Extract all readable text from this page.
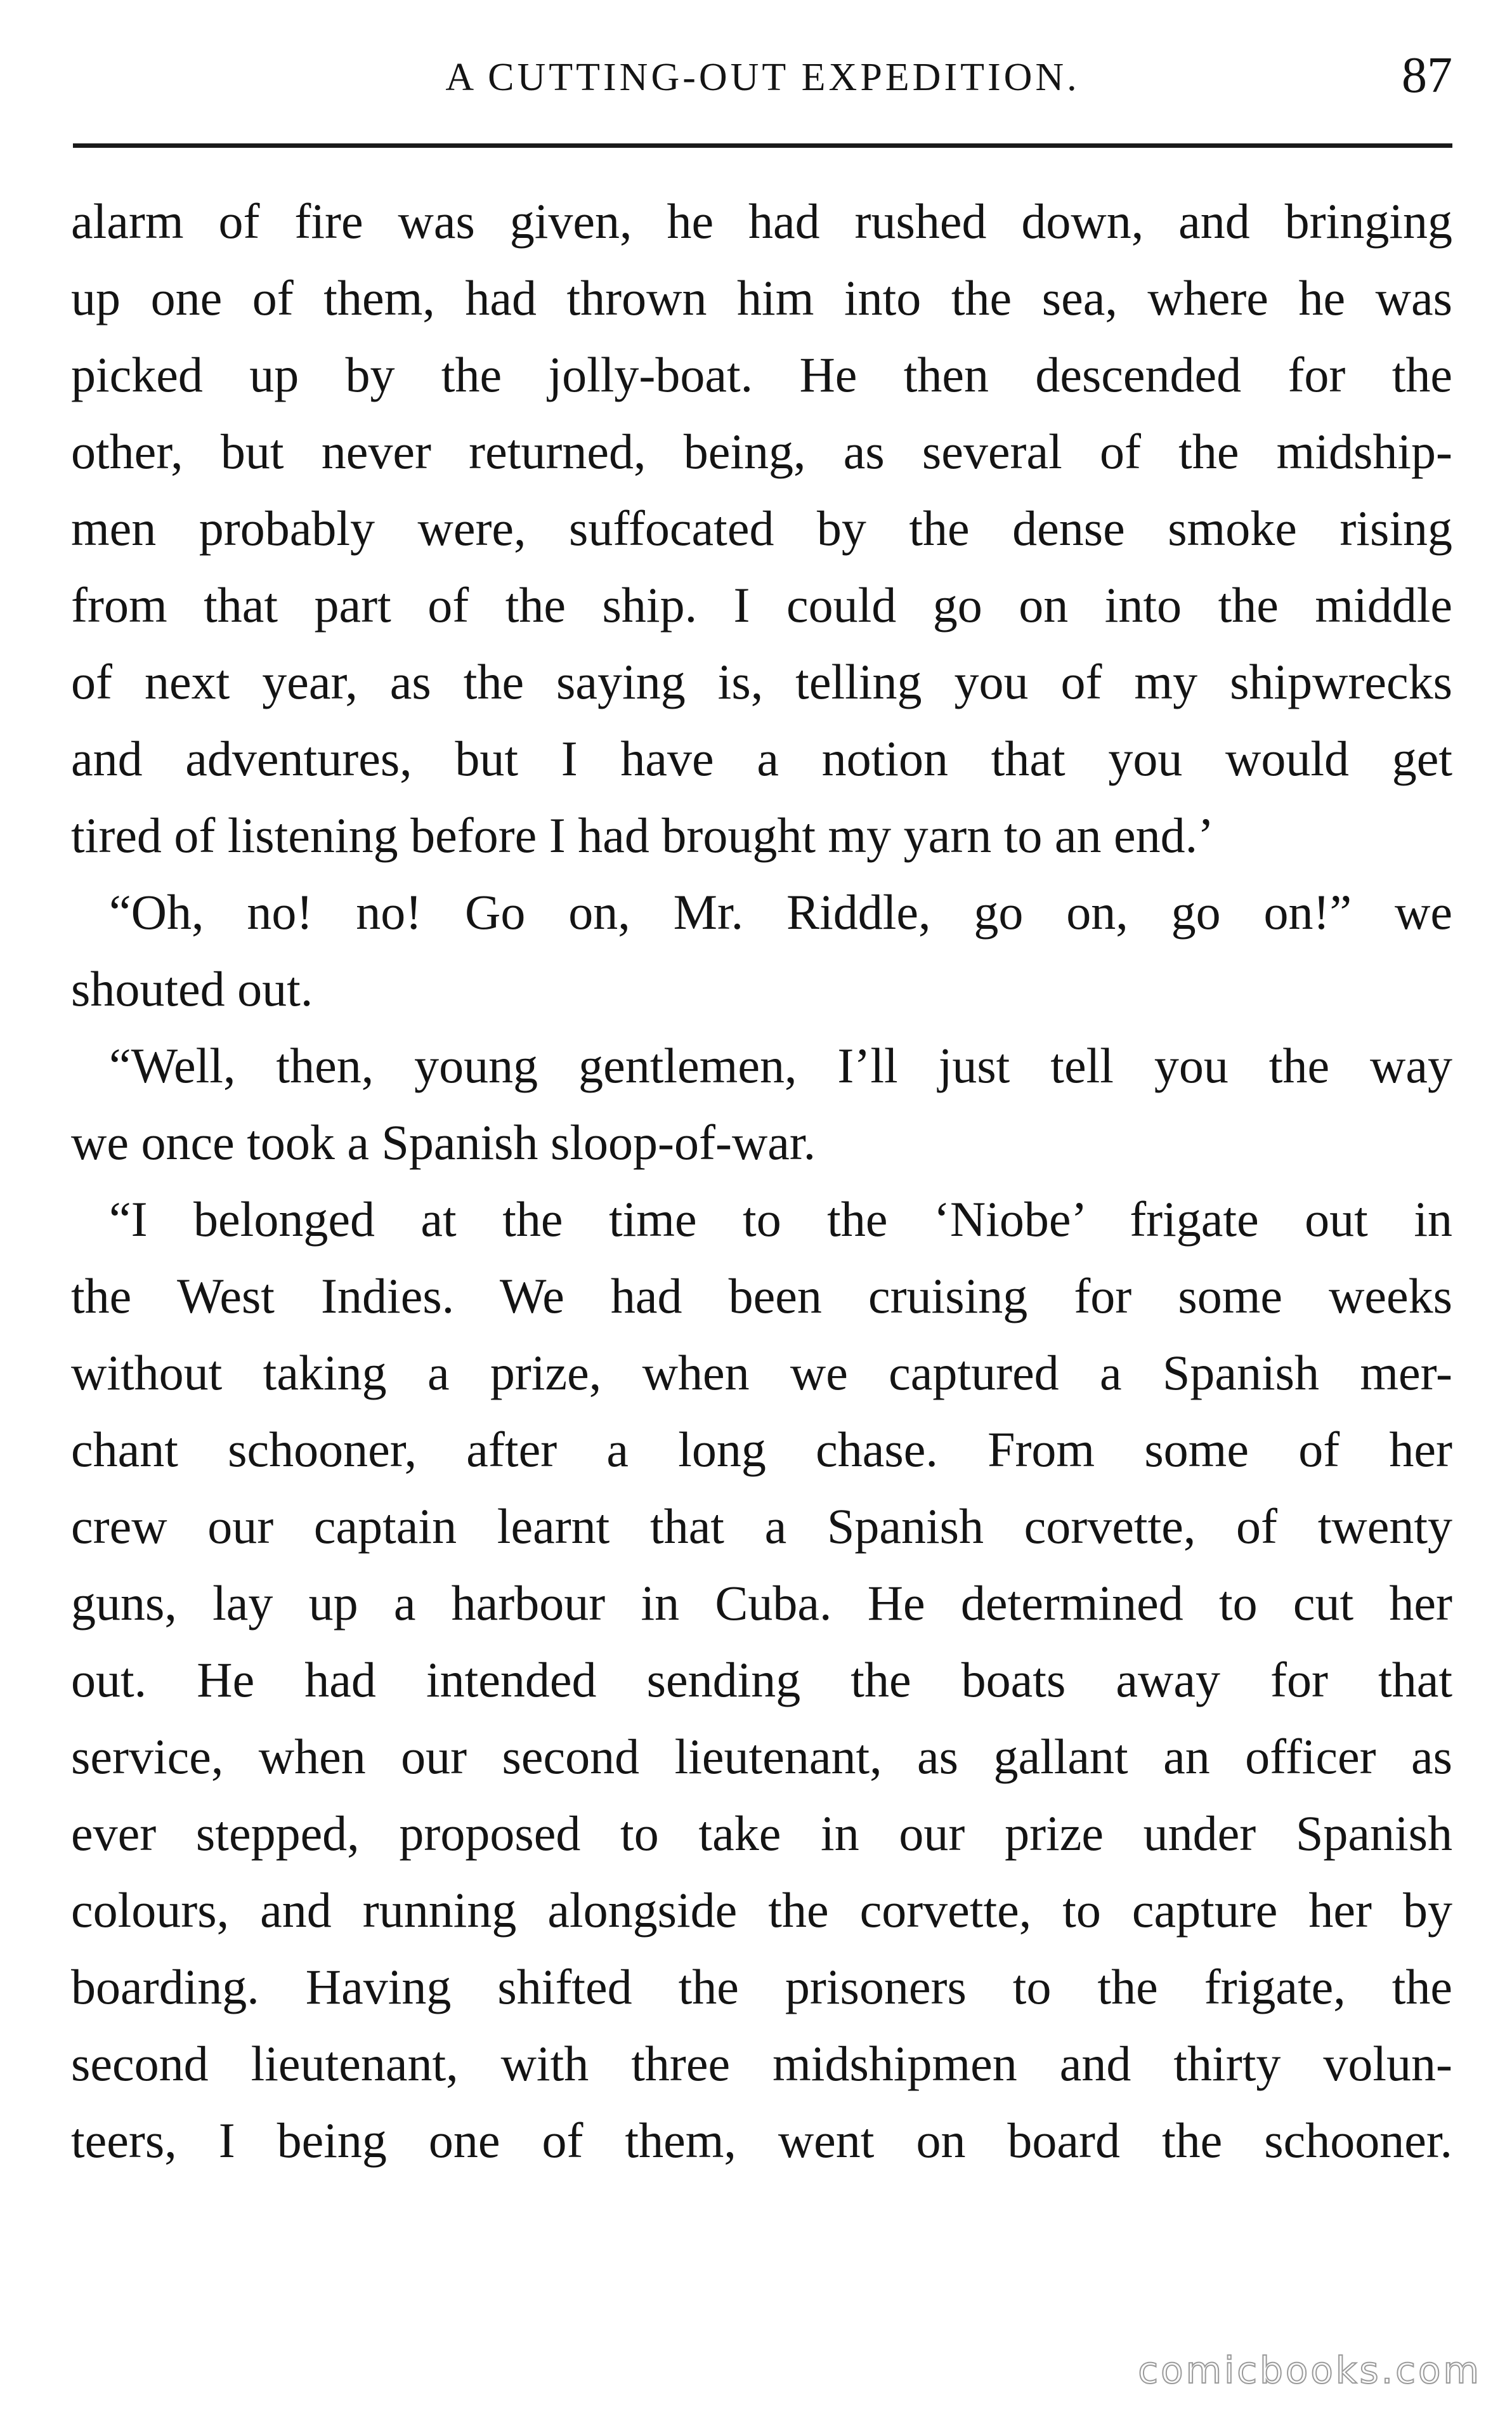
A CUTTING-OUT EXPEDITION.	87
alarm of fire was given, he had rushed down, and bringing
up one of them, had thrown him into the sea, where he was
picked up by the jolly-boat. He then descended for the
other, but never returned, being, as several of the midship-
men probably were, suffocated by the dense smoke rising
from that part of the ship. I could go on into the middle
of next year, as the saying is, telling you of my shipwrecks
and adventures, but I have a notion that you would get
tired of listening before I had brought my yarn to an end.’
“Oh, no! no! Go on, Mr. Riddle, go on, go on!” we
shouted out.
“Well, then, young gentlemen, I’ll just tell you the way
we once took a Spanish sloop-of-war.
“I belonged at the time to the ‘Niobe’ frigate out in
the West Indies. We had been cruising for some weeks
without taking a prize, when we captured a Spanish mer-
chant schooner, after a long chase. From some of her
crew our captain learnt that a Spanish corvette, of twenty
guns, lay up a harbour in Cuba. He determined to cut her
out. He had intended sending the boats away for that
service, when our second lieutenant, as gallant an officer as
ever stepped, proposed to take in our prize under Spanish
colours, and running alongside the corvette, to capture her by
boarding. Having shifted the prisoners to the frigate, the
second lieutenant, with three midshipmen and thirty volun-
teers, I being one of them, went on board the schooner.
comicbooks.com
